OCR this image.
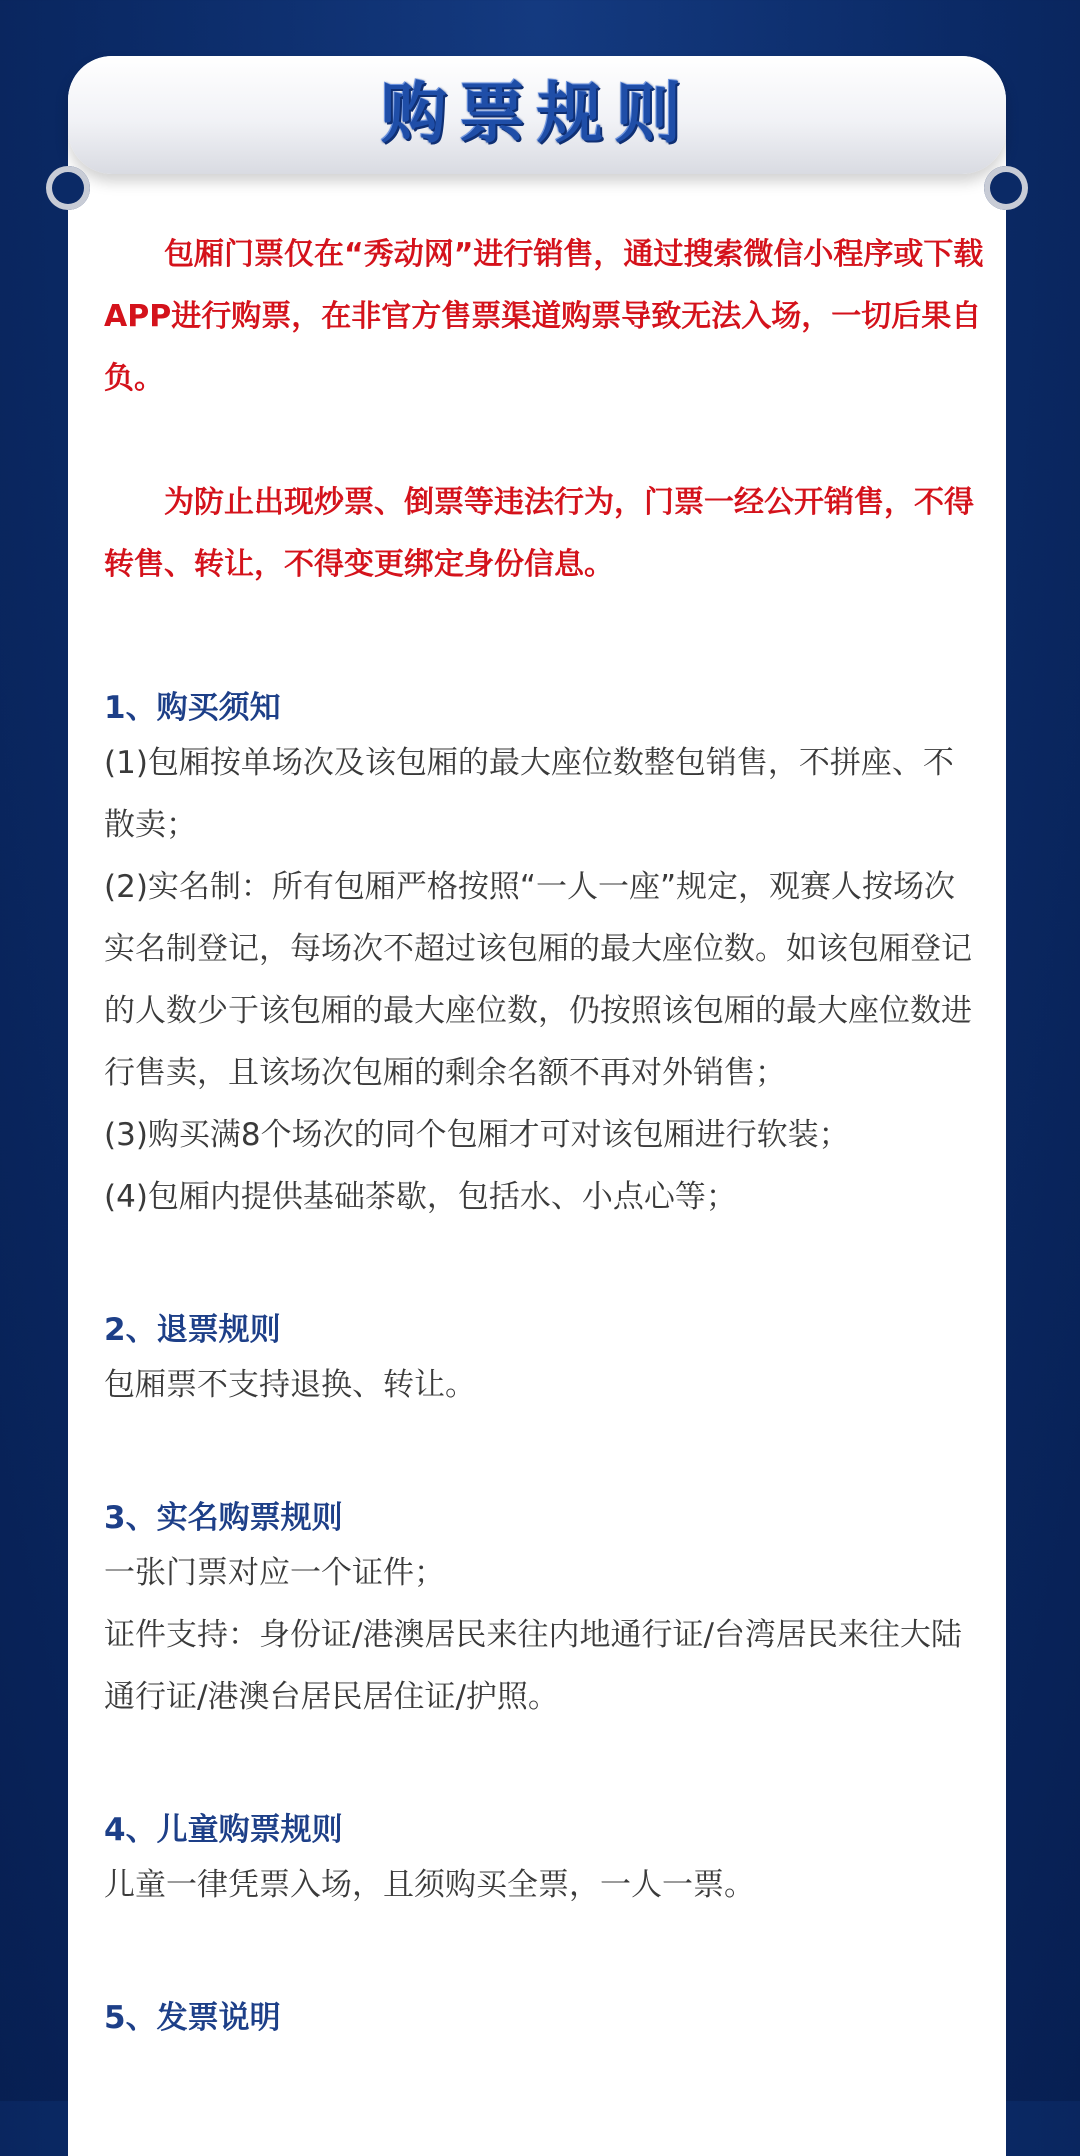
购票规则

包厢门票仅在“秀动网”进行销售，通过搜索微信小程序或下载APP进行购票，在非官方售票渠道购票导致无法入场，一切后果自负。

为防止出现炒票、倒票等违法行为，门票一经公开销售，不得转售、转让，不得变更绑定身份信息。

1、购买须知

(1)包厢按单场次及该包厢的最大座位数整包销售，不拼座、不散卖；

(2)实名制：所有包厢严格按照“一人一座”规定，观赛人按场次实名制登记，每场次不超过该包厢的最大座位数。如该包厢登记的人数少于该包厢的最大座位数，仍按照该包厢的最大座位数进行售卖，且该场次包厢的剩余名额不再对外销售；

(3)购买满8个场次的同个包厢才可对该包厢进行软装；

(4)包厢内提供基础茶歇，包括水、小点心等；

2、退票规则

包厢票不支持退换、转让。

3、实名购票规则

一张门票对应一个证件；

证件支持：身份证/港澳居民来往内地通行证/台湾居民来往大陆通行证/港澳台居民居住证/护照。

4、儿童购票规则

儿童一律凭票入场，且须购买全票，一人一票。

5、发票说明
